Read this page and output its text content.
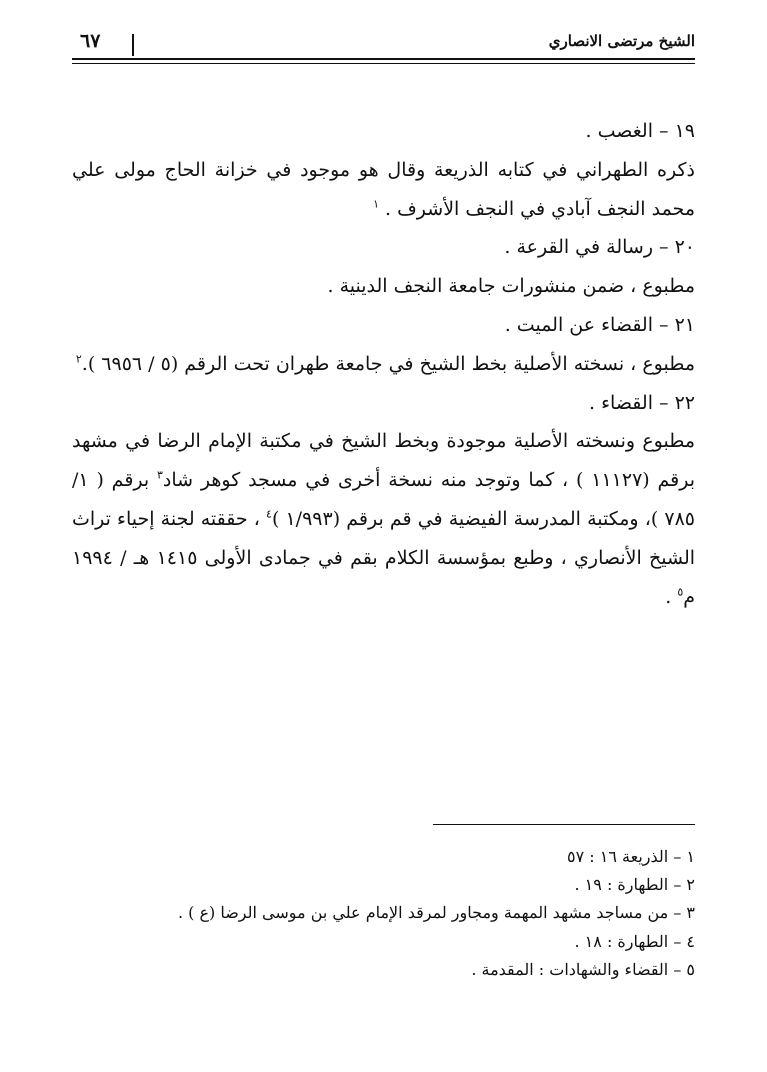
الشيخ مرتضى الانصاري
٦٧

١٩ – الغصب .

ذكره الطهراني في كتابه الذريعة وقال هو موجود في خزانة الحاج مولى علي محمد النجف آبادي في النجف الأشرف . $^١$

٢٠ – رسالة في القرعة .

مطبوع ، ضمن منشورات جامعة النجف الدينية .

٢١ – القضاء عن الميت .

مطبوع ، نسخته الأصلية بخط الشيخ في جامعة طهران تحت الرقم (٥ / ٦٩٥٦ ).$^٢$

٢٢ – القضاء .

مطبوع ونسخته الأصلية موجودة وبخط الشيخ في مكتبة الإمام الرضا في مشهد برقم (١١١٢٧ ) ، كما وتوجد منه نسخة أخرى في مسجد كوهر شاد$^٣$ برقم ( ١/ ٧٨٥ )، ومكتبة المدرسة الفيضية في قم برقم (١/٩٩٣ )$^٤$ ، حققته لجنة إحياء تراث الشيخ الأنصاري ، وطبع بمؤسسة الكلام بقم في جمادى الأولى ١٤١٥ هـ / ١٩٩٤ م$^٥$ .

١ – الذريعة ١٦ : ٥٧

٢ – الطهارة : ١٩ .

٣ – من مساجد مشهد المهمة ومجاور لمرقد الإمام علي بن موسى الرضا (ع ) .

٤ – الطهارة : ١٨ .

٥ – القضاء والشهادات : المقدمة .
